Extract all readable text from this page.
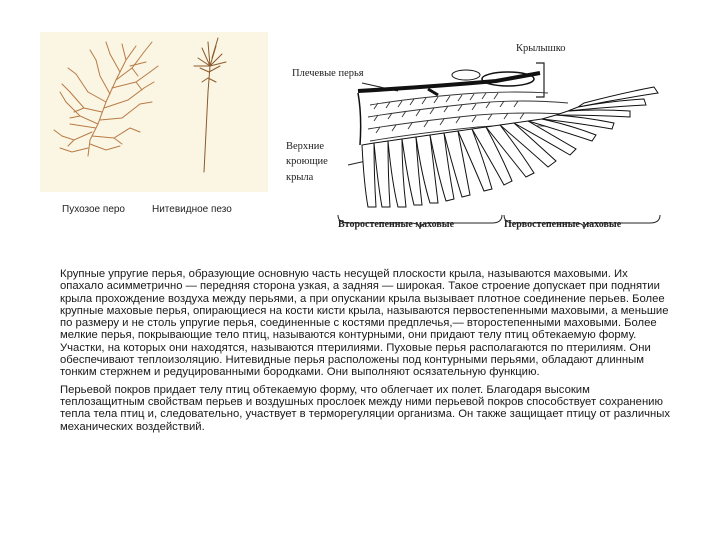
Пухозое перо	Нитевидное пезо
Крылышко
Плечевые перья
Верхние
кроющие
крыла
Второстепенные маховые	Первостепенные маховые

Крупные упругие перья, образующие основную часть несущей плоскости крыла, называются маховыми. Их опахало асимметрично — передняя сторона узкая, а задняя — широкая. Такое строение допускает при поднятии крыла прохождение воздуха между перьями, а при опускании крыла вызывает плотное соединение перьев. Более крупные маховые перья, опирающиеся на кости кисти крыла, называются первостепенными маховыми, а меньшие по размеру и не столь упругие перья, соединенные с костями предплечья,— второстепенными маховыми. Более мелкие перья, покрывающие тело птиц, называются контурными, они придают телу птиц обтекаемую форму. Участки, на которых они находятся, называются птерилиями. Пуховые перья располагаются по птерилиям. Они обеспечивают теплоизоляцию. Нитевидные перья расположены под контурными перьями, обладают длинным тонким стержнем и редуцированными бородками. Они выполняют осязательную функцию.

Перьевой покров придает телу птиц обтекаемую форму, что облегчает их полет. Благодаря высоким теплозащитным свойствам перьев и воздушных прослоек между ними перьевой покров способствует сохранению тепла тела птиц и, следовательно, участвует в терморегуляции организма. Он также защищает птицу от различных механических воздействий.
